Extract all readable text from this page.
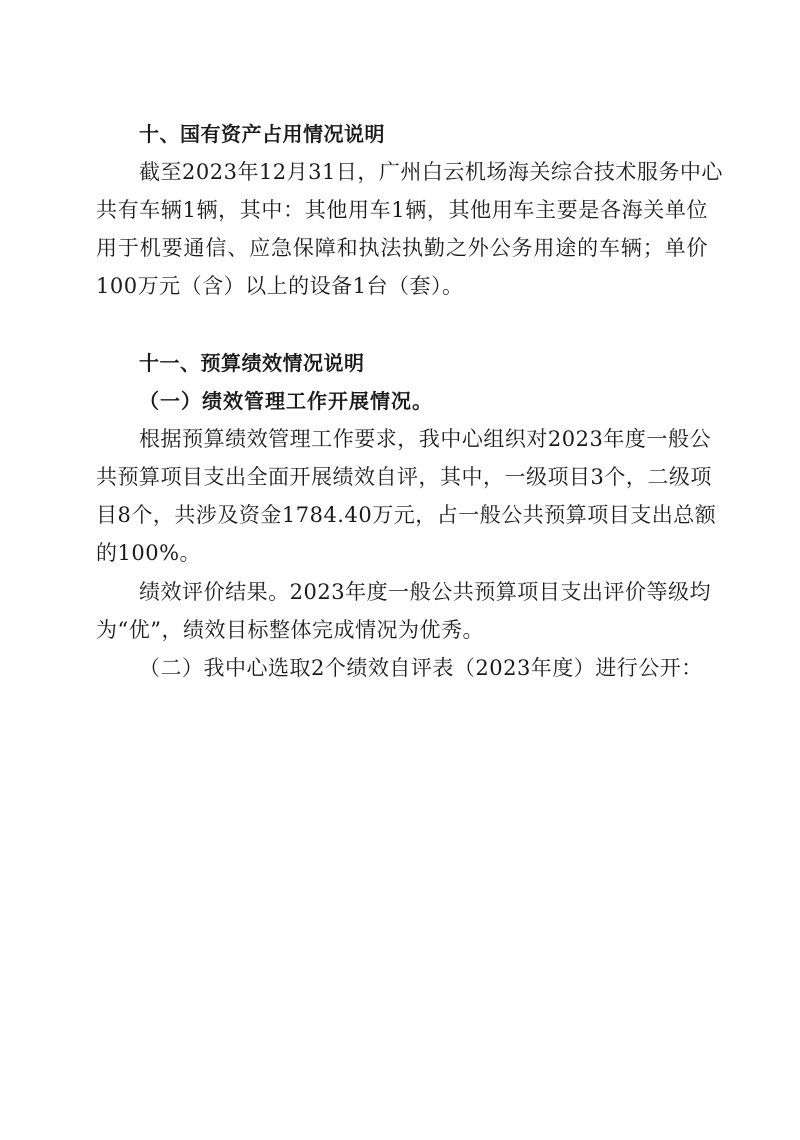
十、国有资产占用情况说明
截至2023年12月31日，广州白云机场海关综合技术服务中心
共有车辆1辆，其中：其他用车1辆，其他用车主要是各海关单位
用于机要通信、应急保障和执法执勤之外公务用途的车辆；单价
100万元（含）以上的设备1台（套）。
十一、预算绩效情况说明
（一）绩效管理工作开展情况。
根据预算绩效管理工作要求，我中心组织对2023年度一般公
共预算项目支出全面开展绩效自评，其中，一级项目3个，二级项
目8个，共涉及资金1784.40万元，占一般公共预算项目支出总额
的100%。
绩效评价结果。2023年度一般公共预算项目支出评价等级均
为“优”，绩效目标整体完成情况为优秀。
（二）我中心选取2个绩效自评表（2023年度）进行公开：
